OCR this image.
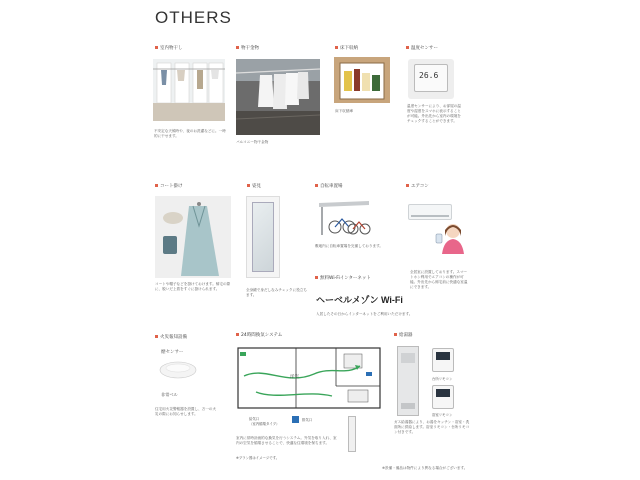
OTHERS
室内物干し
不安定な天候時や、夜のお洗濯などに。一時的に干せます。
物干金物
バルコニー物干金物
床下収納
床下収納庫
温度センサー
26.6
温度センサーにより、お部屋の温度や湿度をスマホに表示することが可能。外出先から室内の環境をチェックすることができます。
コート掛け
コートや帽子などを掛けておけます。帰宅の際に、脱いだ上着をすぐに掛けられます。
姿見
全身鏡で身だしなみチェックに役立ちます。
自転車置場
敷地内に自転車置場を完備しております。
エアコン
全居室に設置しております。スマートホン利用でエアコンの操作が可能。外出先から帰宅前に快適な室温にできます。
無料Wi-Fiインターネット
ヘーベルメゾン Wi-Fi
入居したその日からインターネットをご利用いただけます。
火災報知設備
煙センサー
非常ベル
住宅用火災警報器を設置し、万一の火災の際にお知らせします。
24時間換気システム
洋室
給気口
（室内循環タイプ）
排気口
室内に常時計画的な換気を行うシステム。外気を取り入れ、室内の空気を循環させることで、快適な住環境を保ちます。
※プラン図はイメージです。
給湯器
台所リモコン
浴室リモコン
ガス給湯器により、お湯をキッチン・浴室・洗面所に供給します。浴室リモコン・台所リモコン付きです。
※設備・備品は物件により異なる場合がございます。
